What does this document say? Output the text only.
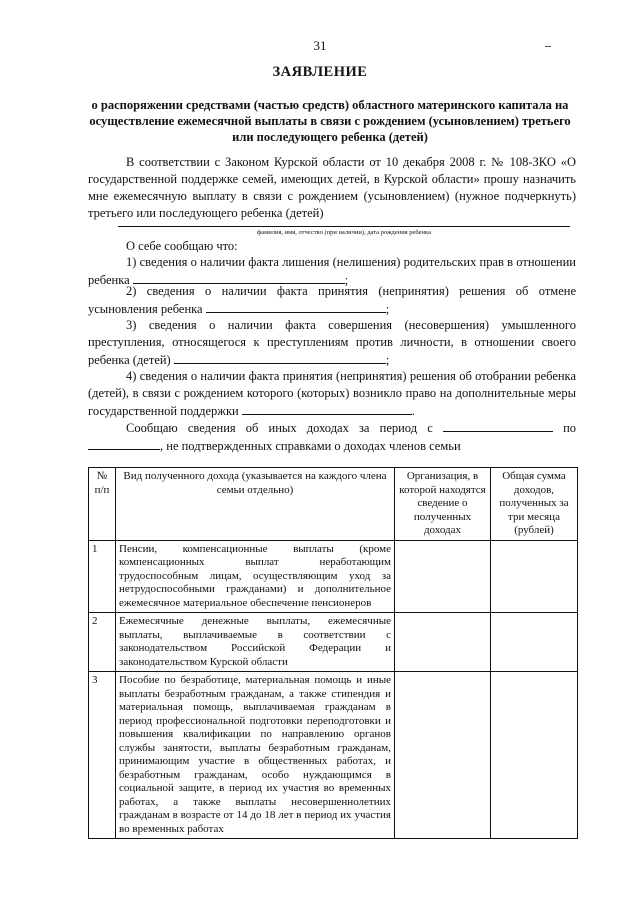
31
ЗАЯВЛЕНИЕ
о распоряжении средствами (частью средств) областного материнского капитала на осуществление ежемесячной выплаты в связи с рождением (усыновлением) третьего или последующего ребенка (детей)
В соответствии с Законом Курской области от 10 декабря 2008 г. № 108-ЗКО «О государственной поддержке семей, имеющих детей, в Курской области» прошу назначить мне ежемесячную выплату в связи с рождением (усыновлением) (нужное подчеркнуть) третьего или последующего ребенка (детей)
фамилия, имя, отчество (при наличии), дата рождения ребенка
О себе сообщаю что:
1) сведения о наличии факта лишения (нелишения) родительских прав в отношении ребенка	;
2) сведения о наличии факта принятия (непринятия) решения об отмене усыновления ребенка	;
3) сведения о наличии факта совершения (несовершения) умышленного преступления, относящегося к преступлениям против личности, в отношении своего ребенка (детей)	;
4) сведения о наличии факта принятия (непринятия) решения об отобрании ребенка (детей), в связи с рождением которого (которых) возникло право на дополнительные меры государственной поддержки	.
Сообщаю сведения об иных доходах за период с	по , не подтвержденных справками о доходах членов семьи
№ п/п	Вид полученного дохода (указывается на каждого члена семьи отдельно)	Организация, в которой находятся сведение о полученных доходах	Общая сумма доходов, полученных за три месяца (рублей)
1	Пенсии, компенсационные выплаты (кроме компенсационных выплат неработающим трудоспособным лицам, осуществляющим уход за нетрудоспособными гражданами) и дополнительное ежемесячное материальное обеспечение пенсионеров		
2	Ежемесячные денежные выплаты, ежемесячные выплаты, выплачиваемые в соответствии с законодательством Российской Федерации и законодательством Курской области		
3	Пособие по безработице, материальная помощь и иные выплаты безработным гражданам, а также стипендия и материальная помощь, выплачиваемая гражданам в период профессиональной подготовки переподготовки и повышения квалификации по направлению органов службы занятости, выплаты безработным гражданам, принимающим участие в общественных работах, и безработным гражданам, особо нуждающимся в социальной защите, в период их участия во временных работах, а также выплаты несовершеннолетних гражданам в возрасте от 14 до 18 лет в период их участия во временных работах		
